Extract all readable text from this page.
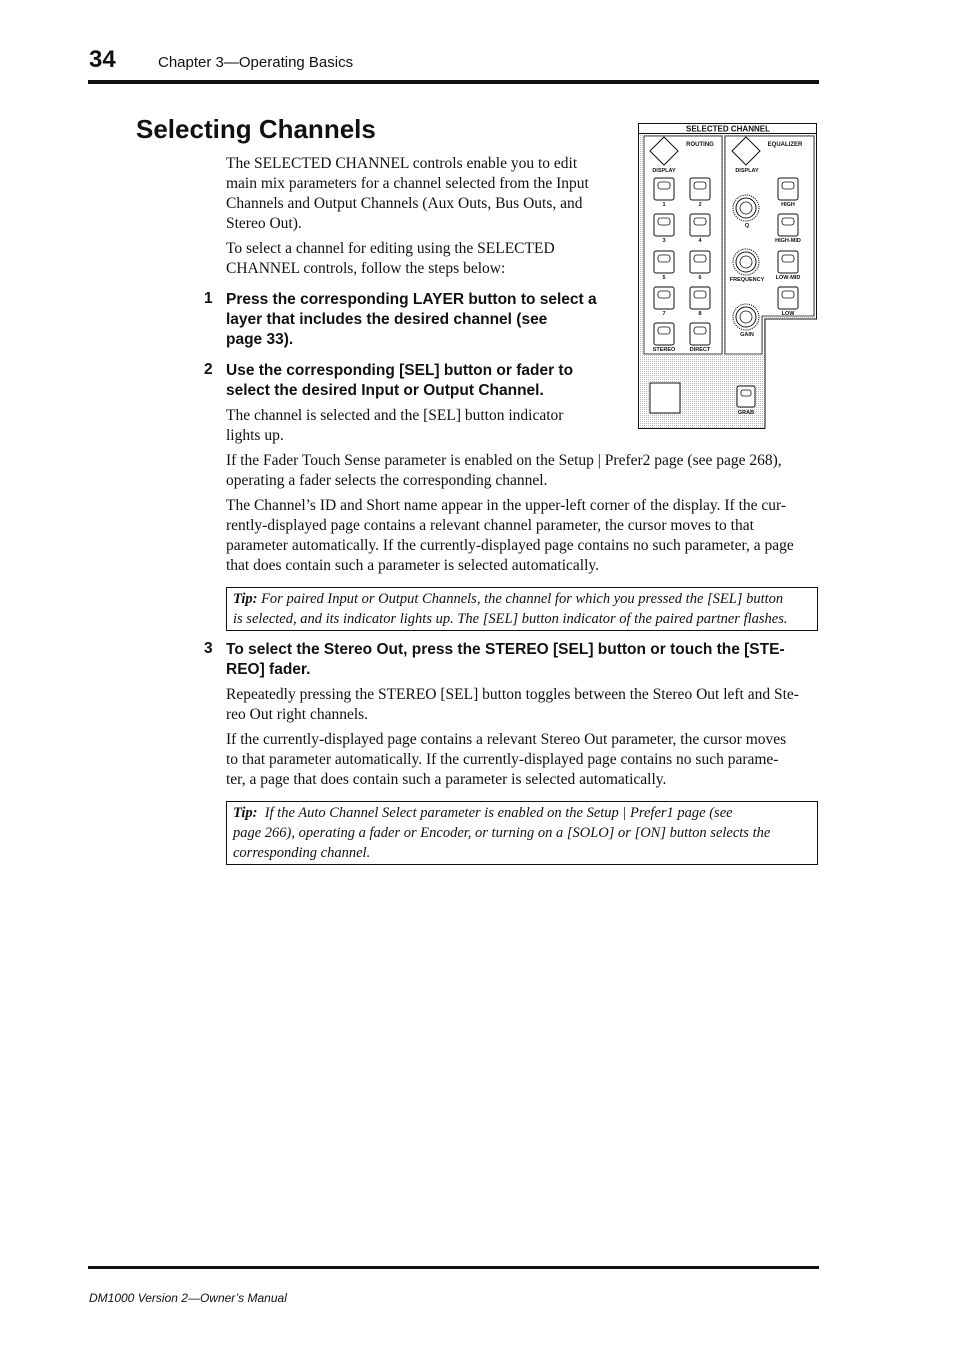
34	Chapter 3—Operating Basics
Selecting Channels
The SELECTED CHANNEL controls enable you to edit
main mix parameters for a channel selected from the Input
Channels and Output Channels (Aux Outs, Bus Outs, and
Stereo Out).
To select a channel for editing using the SELECTED
CHANNEL controls, follow the steps below:
1 Press the corresponding LAYER button to select a
layer that includes the desired channel (see
page 33).
2 Use the corresponding [SEL] button or fader to
select the desired Input or Output Channel.
The channel is selected and the [SEL] button indicator
lights up.
If the Fader Touch Sense parameter is enabled on the Setup | Prefer2 page (see page 268),
operating a fader selects the corresponding channel.
The Channel’s ID and Short name appear in the upper-left corner of the display. If the cur-
rently-displayed page contains a relevant channel parameter, the cursor moves to that
parameter automatically. If the currently-displayed page contains no such parameter, a page
that does contain such a parameter is selected automatically.
Tip: For paired Input or Output Channels, the channel for which you pressed the [SEL] button
is selected, and its indicator lights up. The [SEL] button indicator of the paired partner flashes.
3 To select the Stereo Out, press the STEREO [SEL] button or touch the [STE-
REO] fader.
Repeatedly pressing the STEREO [SEL] button toggles between the Stereo Out left and Ste-
reo Out right channels.
If the currently-displayed page contains a relevant Stereo Out parameter, the cursor moves
to that parameter automatically. If the currently-displayed page contains no such parame-
ter, a page that does contain such a parameter is selected automatically.
Tip: If the Auto Channel Select parameter is enabled on the Setup | Prefer1 page (see
page 266), operating a fader or Encoder, or turning on a [SOLO] or [ON] button selects the
corresponding channel.
SELECTED CHANNEL
ROUTING
DISPLAY
EQUALIZER
DISPLAY
1	2
3	4
5	6
7	8
STEREO	DIRECT
Q
FREQUENCY
GAIN
HIGH
HIGH-MID
LOW-MID
LOW
GRAB
DM1000 Version 2—Owner’s Manual
